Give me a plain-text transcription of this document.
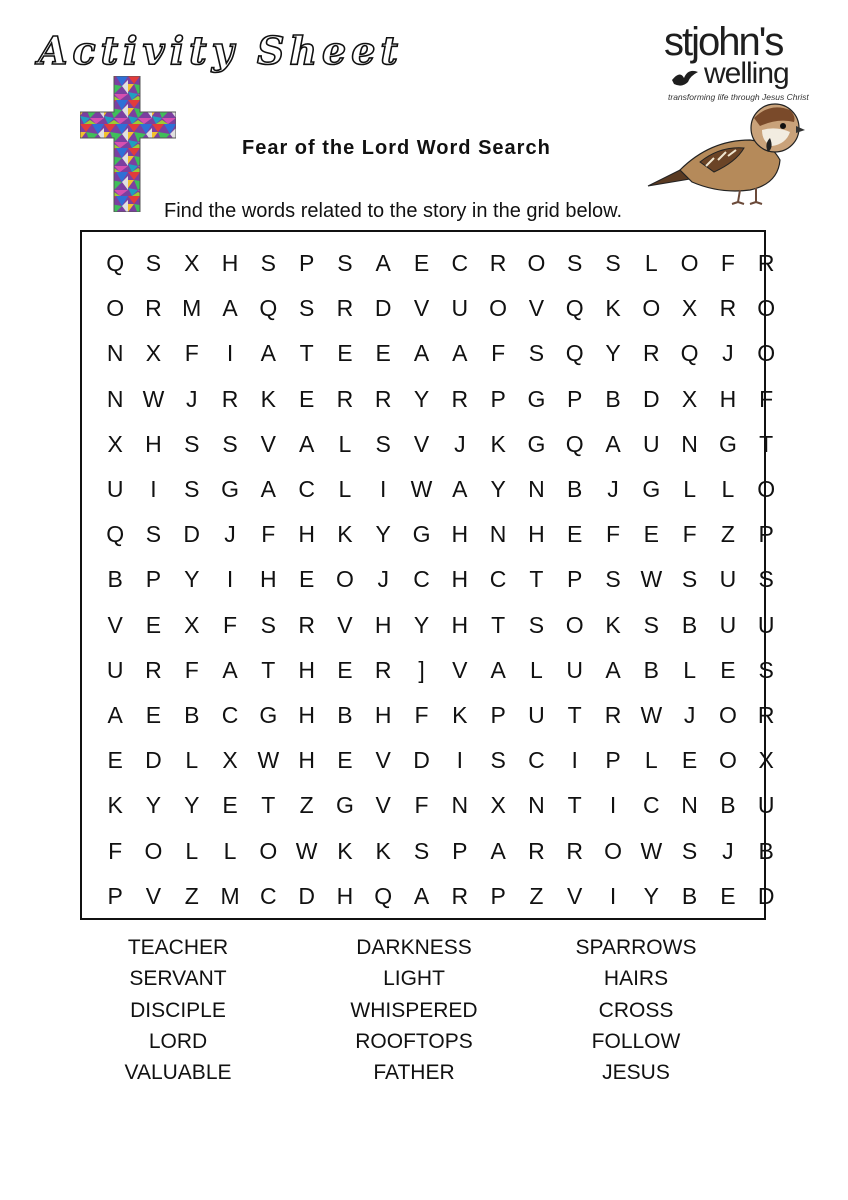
Activity Sheet	stjohn's
welling
transforming life through Jesus Christ
Fear of the Lord Word Search
Find the words related to the story in the grid below.
Q S X H S P S A E C R O S S	L O F R
O R M A Q S R D V U O V Q K O X R O
N X	F	I	A	T	E E A A	F	S Q Y R Q	J	O
N W J	R K E R R Y R P G P B D X H F
X H S S V A	L	S V	J	K G Q A U N G T
U	I	S G A C	L	I	W A Y N B	J	G L	L O
Q S D	J	F H K Y G H N H E	F	E	F	Z	P
B P Y	I	H E O	J	C H C T	P S W S U S
V E X	F	S R V H Y H T	S O K S B U U
U R F	A	T H E R	]	V A	L	U A B	L	E S
A E B C G H B H F	K P U T R W J	O R
E D	L	X W H E V D	I	S C	I	P	L	E O X
K Y Y E	T	Z G V	F N X N T	I	C N B U
F O L	L O W K K S P A R R O W S	J	B
P V	Z M C D H Q A R P	Z	V	I	Y B E D
TEACHER
SERVANT
DISCIPLE
LORD
VALUABLE
DARKNESS
LIGHT
WHISPERED
ROOFTOPS
FATHER
SPARROWS
HAIRS
CROSS
FOLLOW
JESUS
